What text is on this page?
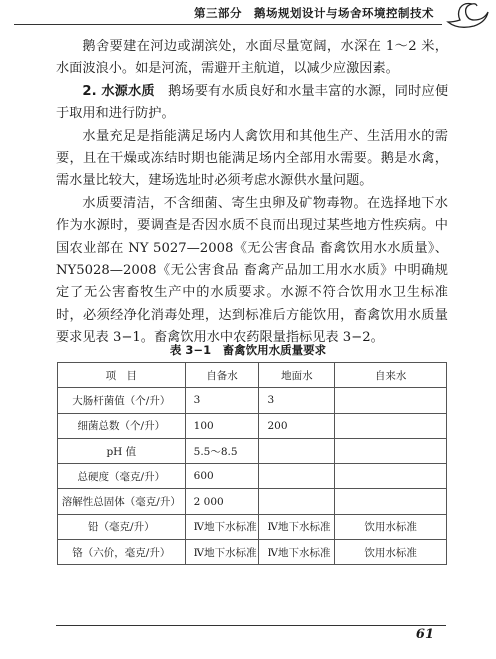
第三部分　鹅场规划设计与场舍环境控制技术

鹅舍要建在河边或湖滨处，水面尽量宽阔，水深在 1～2 米，水面波浪小。如是河流，需避开主航道，以减少应激因素。

2. 水源水质　鹅场要有水质良好和水量丰富的水源，同时应便于取用和进行防护。

水量充足是指能满足场内人禽饮用和其他生产、生活用水的需要，且在干燥或冻结时期也能满足场内全部用水需要。鹅是水禽，需水量比较大，建场选址时必须考虑水源供水量问题。

水质要清洁，不含细菌、寄生虫卵及矿物毒物。在选择地下水作为水源时，要调查是否因水质不良而出现过某些地方性疾病。中国农业部在 NY 5027—2008《无公害食品 畜禽饮用水水质量》、NY5028—2008《无公害食品 畜禽产品加工用水水质》中明确规定了无公害畜牧生产中的水质要求。水源不符合饮用水卫生标准时，必须经净化消毒处理，达到标准后方能饮用，畜禽饮用水质量要求见表 3−1。畜禽饮用水中农药限量指标见表 3−2。

表 3−1　畜禽饮用水质量要求
项　目	自备水	地面水	自来水
大肠杆菌值（个/升）	3	3	
细菌总数（个/升）	100	200	
pH 值	5.5～8.5		
总硬度（毫克/升）	600		
溶解性总固体（毫克/升）	2 000		
铅（毫克/升）	Ⅳ地下水标准	Ⅳ地下水标准	饮用水标准
铬（六价，毫克/升）	Ⅳ地下水标准	Ⅳ地下水标准	饮用水标准
61
